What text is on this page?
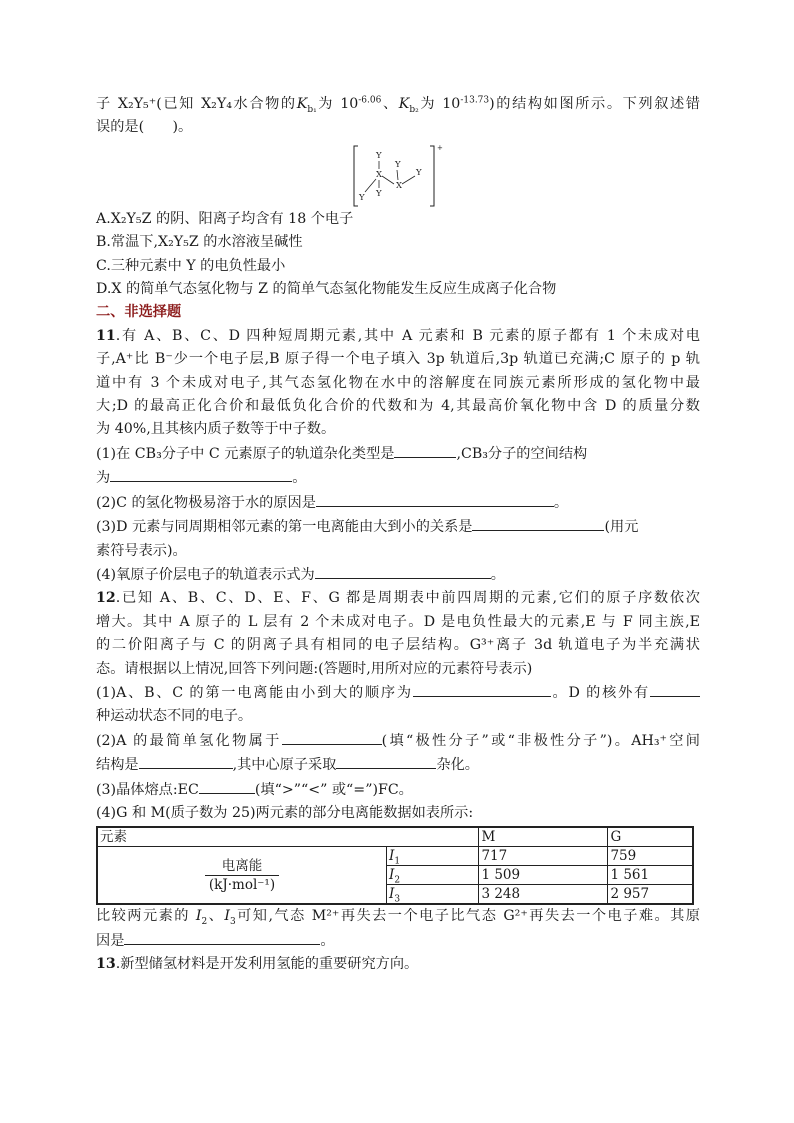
子 X₂Y₅⁺(已知 X₂Y₄水合物的$K_{b_1}$为 $10^{-6.06}$、$K_{b_2}$为 $10^{-13.73}$)的结构如图所示。下列叙述错

误的是(　　)。

+
Y
X
Y
Y Y
X
Y

A.X₂Y₅Z 的阴、阳离子均含有 18 个电子

B.常温下,X₂Y₅Z 的水溶液呈碱性

C.三种元素中 Y 的电负性最小

D.X 的简单气态氢化物与 Z 的简单气态氢化物能发生反应生成离子化合物

二、非选择题

11.有 A、B、C、D 四种短周期元素,其中 A 元素和 B 元素的原子都有 1 个未成对电

子,A⁺比 B⁻少一个电子层,B 原子得一个电子填入 3p 轨道后,3p 轨道已充满;C 原子的 p 轨

道中有 3 个未成对电子,其气态氢化物在水中的溶解度在同族元素所形成的氢化物中最

大;D 的最高正化合价和最低负化合价的代数和为 4,其最高价氧化物中含 D 的质量分数

为 40%,且其核内质子数等于中子数。

(1)在 CB₃分子中 C 元素原子的轨道杂化类型是	,CB₃分子的空间结构

为	。

(2)C 的氢化物极易溶于水的原因是	。

(3)D 元素与同周期相邻元素的第一电离能由大到小的关系是	(用元

素符号表示)。

(4)氧原子价层电子的轨道表示式为	。

12.已知 A、B、C、D、E、F、G 都是周期表中前四周期的元素,它们的原子序数依次

增大。其中 A 原子的 L 层有 2 个未成对电子。D 是电负性最大的元素,E 与 F 同主族,E

的二价阳离子与 C 的阴离子具有相同的电子层结构。G³⁺离子 3d 轨道电子为半充满状

态。请根据以上情况,回答下列问题:(答题时,用所对应的元素符号表示)

(1)A、B、C 的第一电离能由小到大的顺序为	。D 的核外有

种运动状态不同的电子。

(2)A 的最简单氢化物属于	(填“极性分子”或“非极性分子”)。AH₃⁺空间

结构是	,其中心原子采取	杂化。

(3)晶体熔点:EC	(填“>”“<” 或“=”)FC。

(4)G 和 M(质子数为 25)两元素的部分电离能数据如表所示:

元素		M	G

$\frac{\text{电离能}}{\text{(kJ·mol⁻¹)}}$	$I_1$	717	759
	$I_2$	1 509	1 561
	$I_3$	3 248	2 957

比较两元素的 $I_2$、$I_3$可知,气态 M²⁺再失去一个电子比气态 G²⁺再失去一个电子难。其原

因是	。

13.新型储氢材料是开发利用氢能的重要研究方向。
